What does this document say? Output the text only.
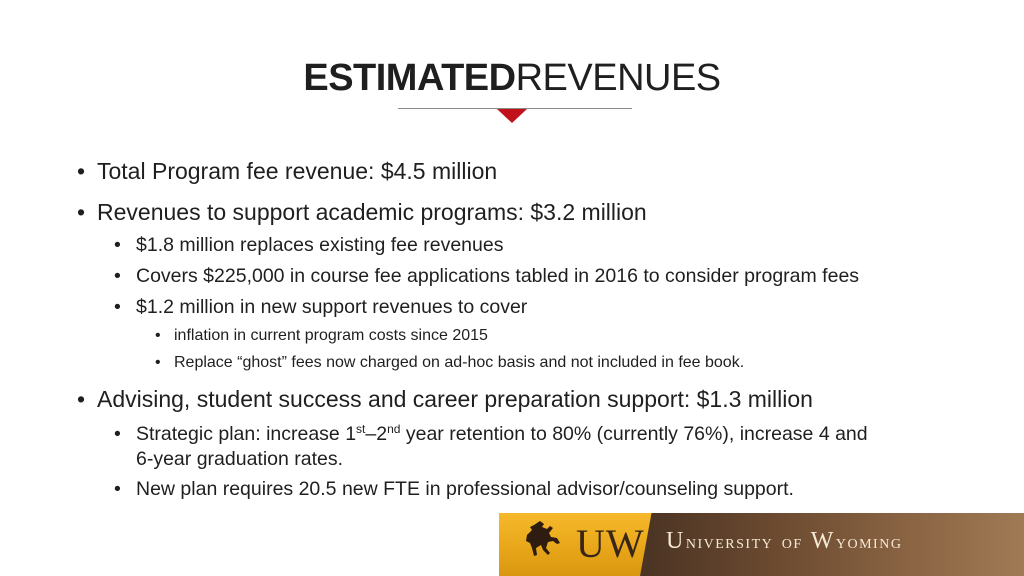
ESTIMATEDREVENUES
• Total Program fee revenue: $4.5 million
• Revenues to support academic programs: $3.2 million
• $1.8 million replaces existing fee revenues
• Covers $225,000 in course fee applications tabled in 2016 to consider program fees
• $1.2 million in new support revenues to cover
• inflation in current program costs since 2015
• Replace “ghost” fees now charged on ad-hoc basis and not included in fee book.
• Advising, student success and career preparation support: $1.3 million
• Strategic plan: increase 1st–2nd year retention to 80% (currently 76%), increase 4 and
6-year graduation rates.
• New plan requires 20.5 new FTE in professional advisor/counseling support.
UW UNIVERSITY OF WYOMING
